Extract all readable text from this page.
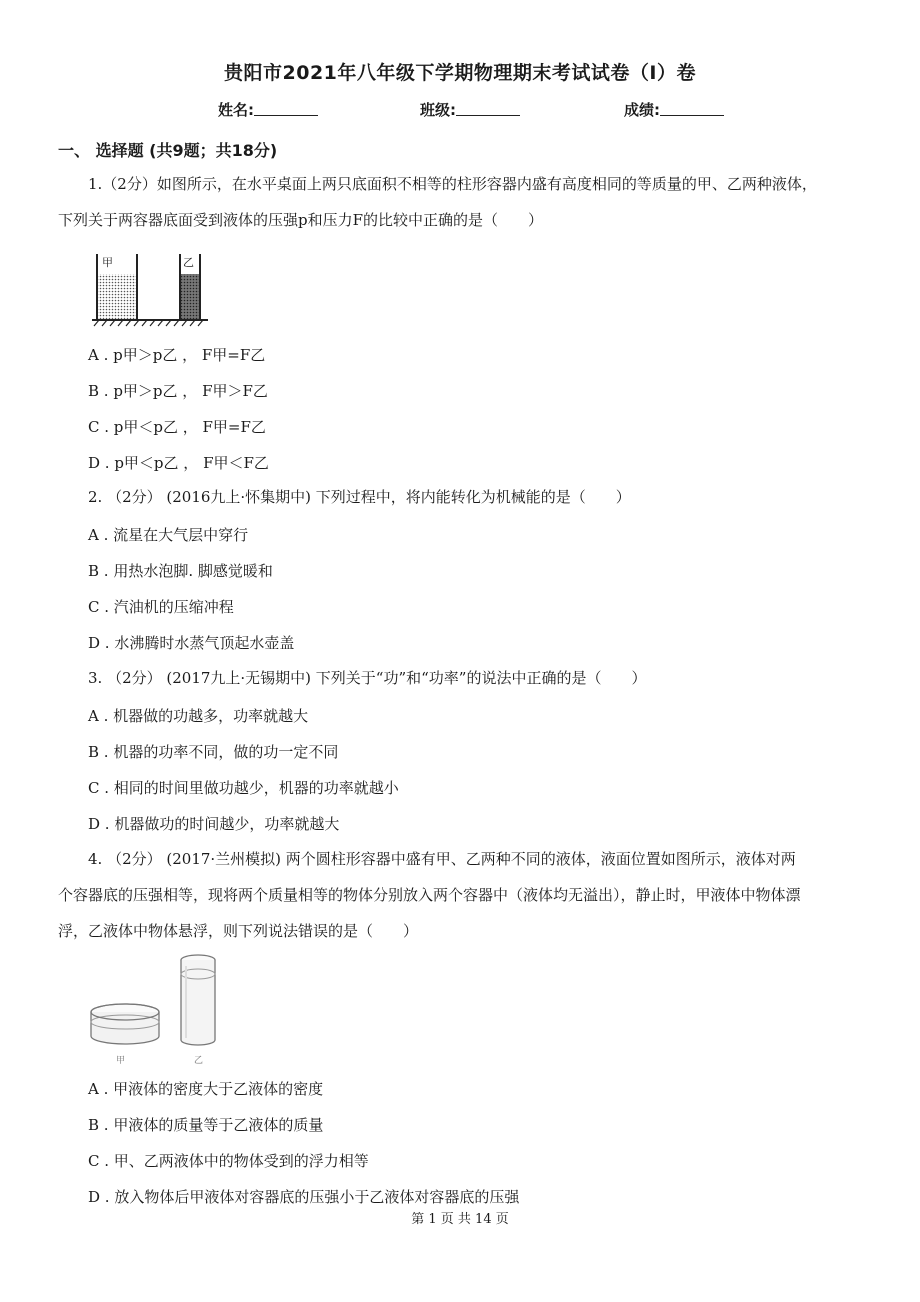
贵阳市2021年八年级下学期物理期末考试试卷（I）卷
姓名:	班级:	成绩:
一、 选择题 (共9题；共18分)
1.（2分）如图所示，在水平桌面上两只底面积不相等的柱形容器内盛有高度相同的等质量的甲、乙两种液体，
下列关于两容器底面受到液体的压强p和压力F的比较中正确的是（　　）
甲	乙
A . p甲＞p乙 ， F甲=F乙
B . p甲＞p乙 ， F甲＞F乙
C . p甲＜p乙 ， F甲=F乙
D . p甲＜p乙 ， F甲＜F乙
2. （2分） (2016九上·怀集期中) 下列过程中，将内能转化为机械能的是（　　）
A . 流星在大气层中穿行
B . 用热水泡脚. 脚感觉暖和
C . 汽油机的压缩冲程
D . 水沸腾时水蒸气顶起水壶盖
3. （2分） (2017九上·无锡期中) 下列关于“功”和“功率”的说法中正确的是（　　）
A . 机器做的功越多，功率就越大
B . 机器的功率不同，做的功一定不同
C . 相同的时间里做功越少，机器的功率就越小
D . 机器做功的时间越少，功率就越大
4. （2分） (2017·兰州模拟) 两个圆柱形容器中盛有甲、乙两种不同的液体，液面位置如图所示，液体对两
个容器底的压强相等，现将两个质量相等的物体分别放入两个容器中（液体均无溢出），静止时，甲液体中物体漂
浮，乙液体中物体悬浮，则下列说法错误的是（　　）
甲	乙
A . 甲液体的密度大于乙液体的密度
B . 甲液体的质量等于乙液体的质量
C . 甲、乙两液体中的物体受到的浮力相等
D . 放入物体后甲液体对容器底的压强小于乙液体对容器底的压强
第 1 页 共 14 页
